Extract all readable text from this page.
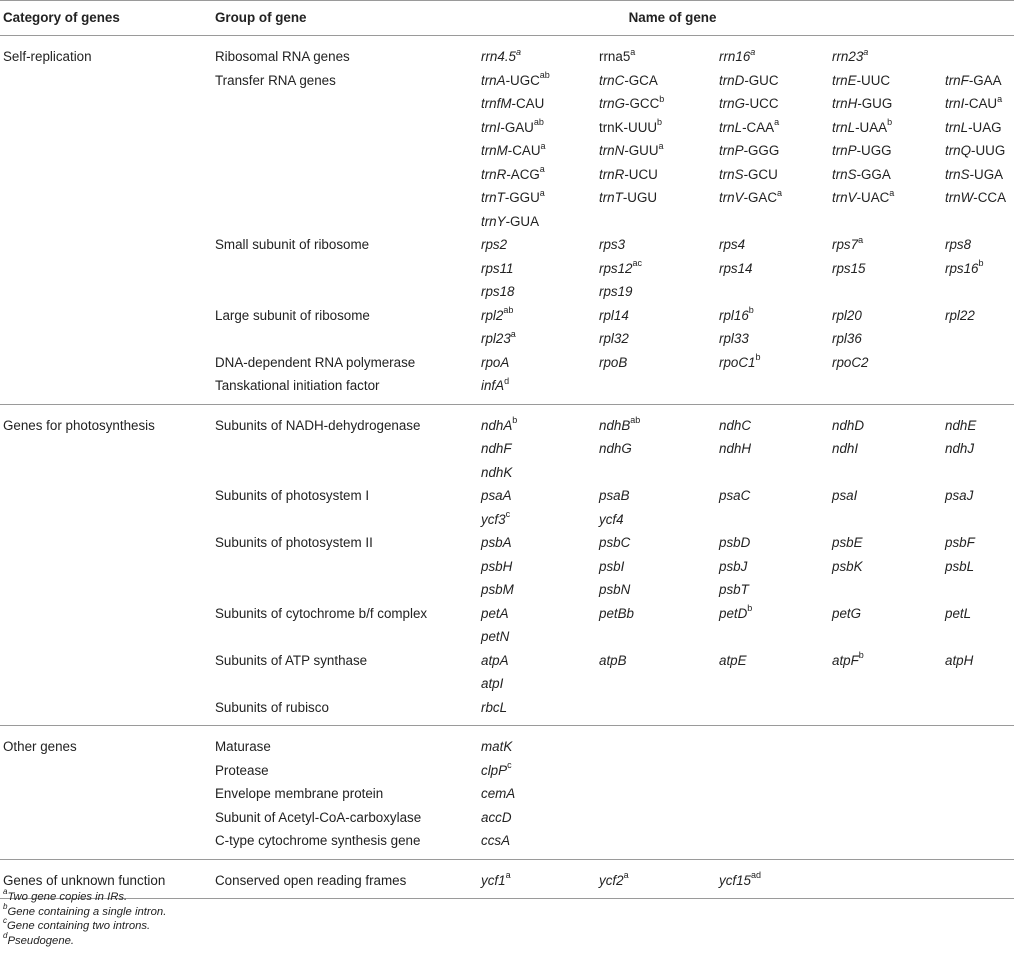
Category of genes	Group of gene	Name of gene				
Self-replication	Ribosomal RNA genes	rrn4.5$^a$	rrna5$^a$	rrn16$^a$	rrn23$^a$	
	Transfer RNA genes	trnA-$UGC^{ab}$	trnC-GCA	trnD-GUC	trnE-UUC	trnF-GAA
		trnfM-CAU	trnG-GCC$^b$	trnG-UCC	trnH-GUG	trnI-CAU$^a$
		trnI-$GAU^{ab}$	trnK-UUU$^b$	trnL-CAA$^a$	trnL-UAA$^b$	trnL-UAG
		trnM-CAU$^a$	trnN-GUU$^a$	trnP-GGG	trnP-UGG	trnQ-UUG
		trnR-ACG$^a$	trnR-UCU	trnS-GCU	trnS-GGA	trnS-UGA
		trnT-GGU$^a$	trnT-UGU	trnV-GAC$^a$	trnV-UAC$^a$	trnW-CCA
		trnY-GUA				
	Small subunit of ribosome	rps2	rps3	rps4	rps7$^a$	rps8
		rps11	$rps12^{ac}$	rps14	rps15	rps16$^b$
		rps18	rps19			
	Large subunit of ribosome	$rpl2^{ab}$	rpl14	rpl16$^b$	rpl20	rpl22
		rpl23$^a$	rpl32	rpl33	rpl36	
	DNA-dependent RNA polymerase	rpoA	rpoB	rpoC1$^b$	rpoC2	
	Tanskational initiation factor	infA$^d$				
Genes for photosynthesis	Subunits of NADH-dehydrogenase	ndhA$^b$	ndhB$^{ab}$	ndhC	ndhD	ndhE
		ndhF	ndhG	ndhH	ndhI	ndhJ
		ndhK				
	Subunits of photosystem I	psaA	psaB	psaC	psaI	psaJ
		ycf3$^c$	ycf4			
	Subunits of photosystem II	psbA	psbC	psbD	psbE	psbF
		psbH	psbI	psbJ	psbK	psbL
		psbM	psbN	psbT		
	Subunits of cytochrome b/f complex	petA	petBb	petD$^b$	petG	petL
		petN				
	Subunits of ATP synthase	atpA	atpB	atpE	atpF$^b$	atpH
		atpI				
	Subunits of rubisco	rbcL				
Other genes	Maturase	matK				
	Protease	clpP$^c$				
	Envelope membrane protein	cemA				
	Subunit of Acetyl-CoA-carboxylase	accD				
	C-type cytochrome synthesis gene	ccsA				
Genes of unknown function	Conserved open reading frames	ycf1$^a$	ycf2$^a$	$ycf15^{ad}$		
$^a$Two gene copies in IRs.
$^b$Gene containing a single intron.
$^c$Gene containing two introns.
$^d$Pseudogene.
